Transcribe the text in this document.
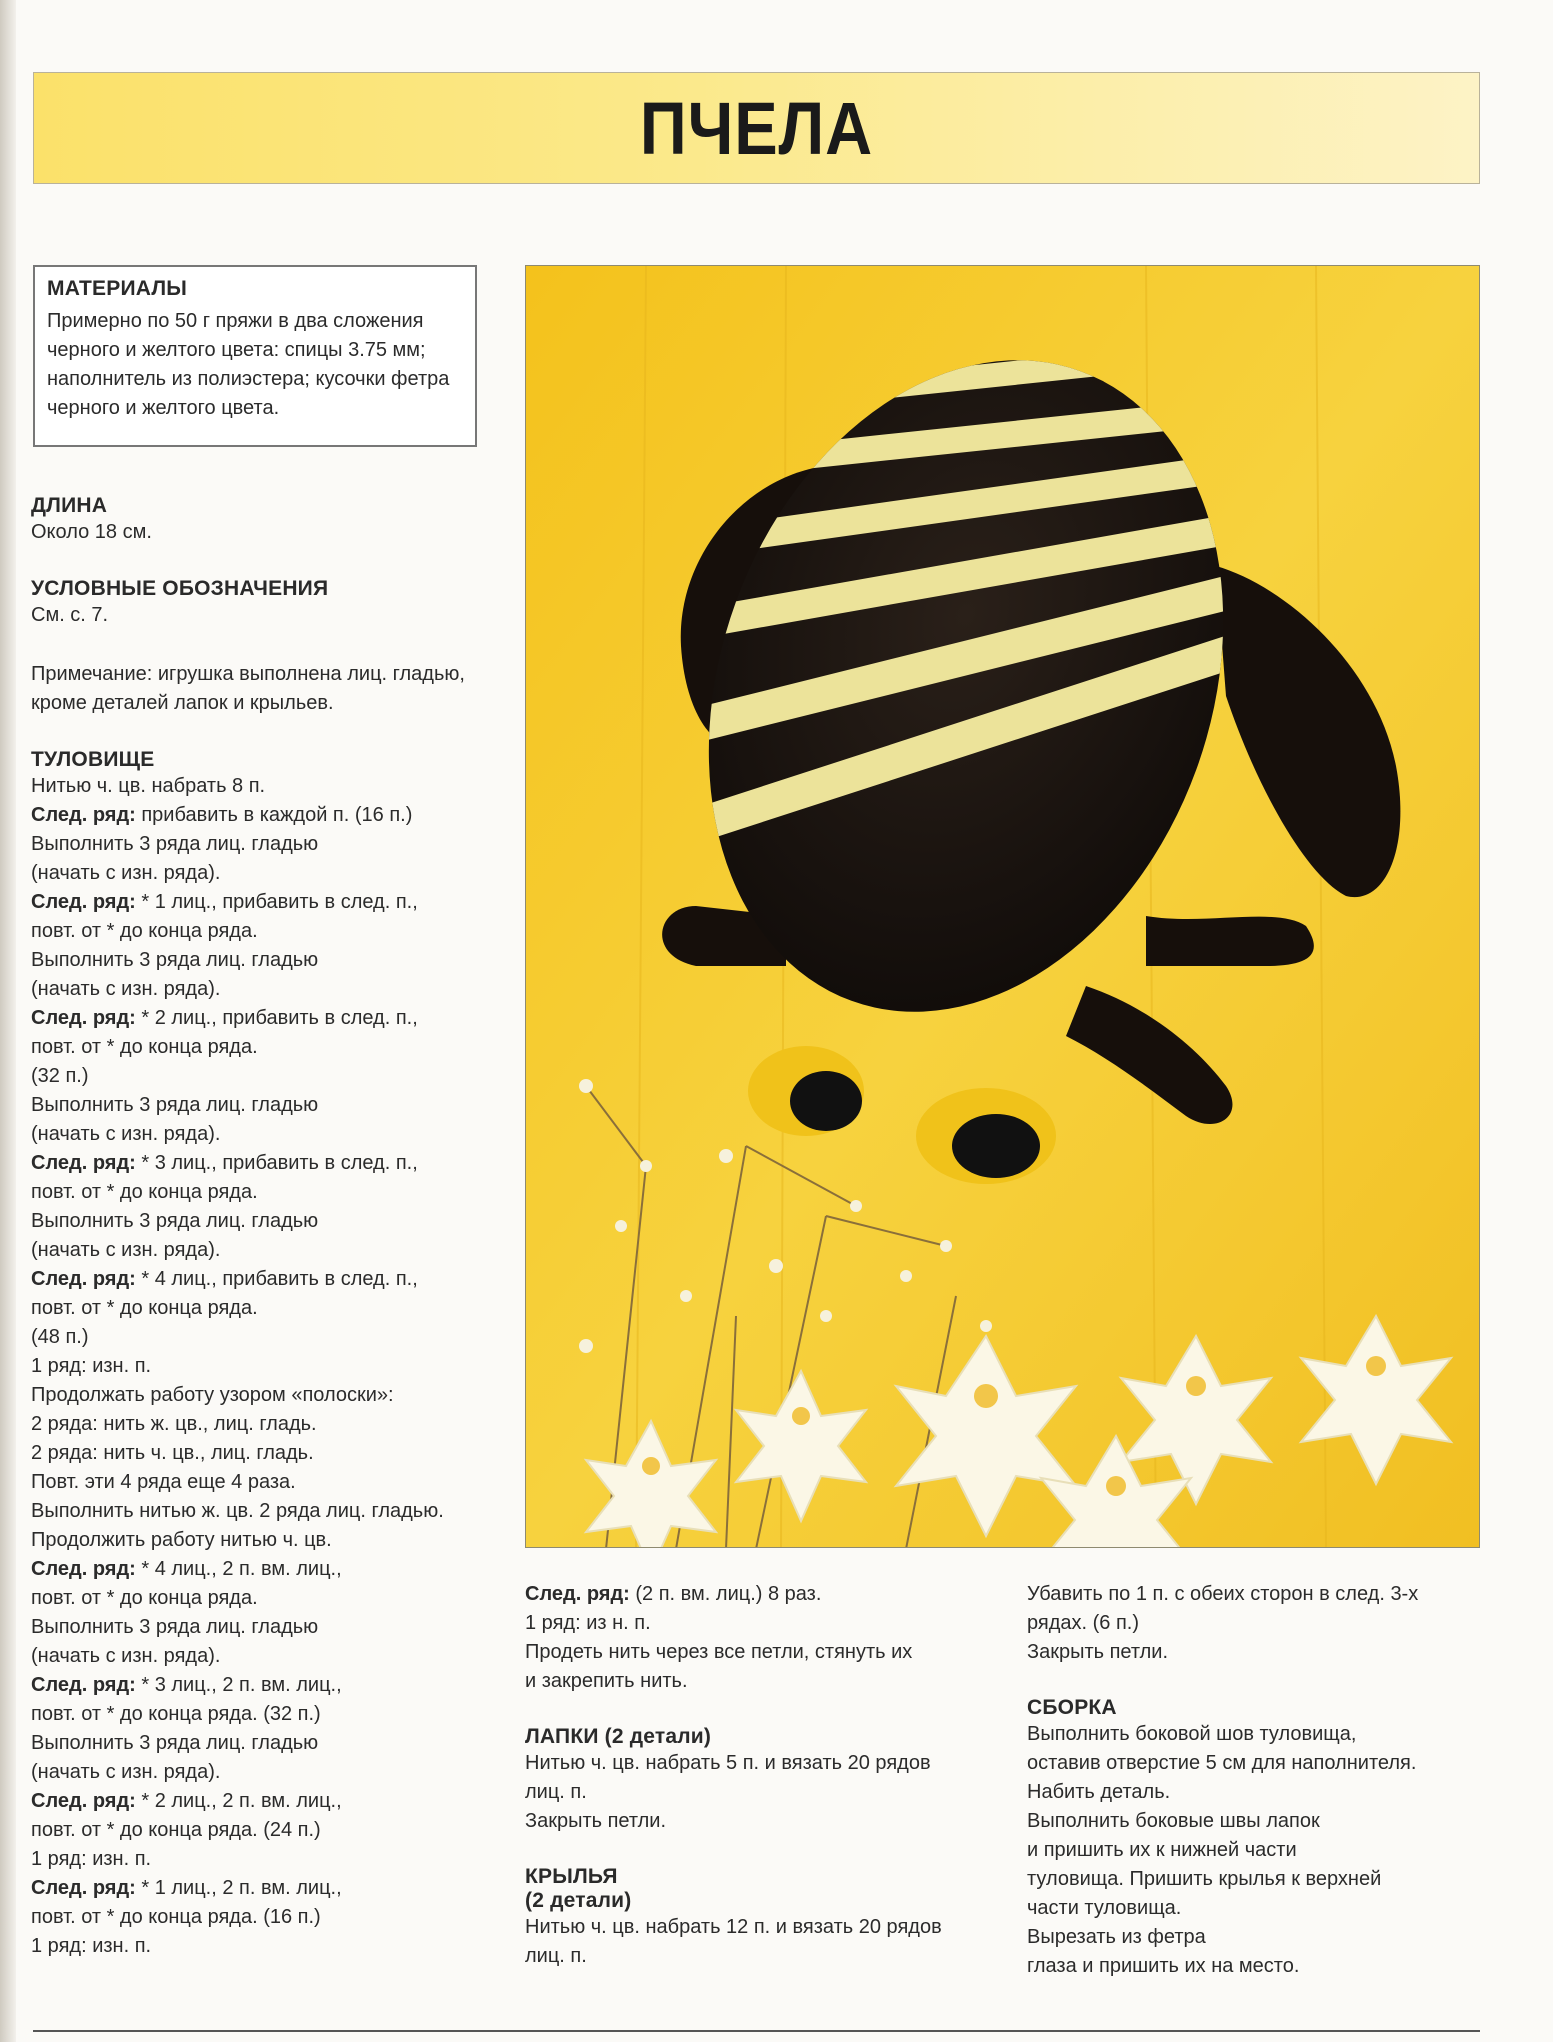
ПЧЕЛА

МАТЕРИАЛЫ

Примерно по 50 г пряжи в два сложения

черного и желтого цвета: спицы 3.75 мм;

наполнитель из полиэстера; кусочки фетра

черного и желтого цвета.

ДЛИНА

Около 18 см.

УСЛОВНЫЕ ОБОЗНАЧЕНИЯ

См. с. 7.

Примечание: игрушка выполнена лиц. гладью,

кроме деталей лапок и крыльев.

ТУЛОВИЩЕ

Нитью ч. цв. набрать 8 п.

След. ряд: прибавить в каждой п. (16 п.)

Выполнить 3 ряда лиц. гладью

(начать с изн. ряда).

След. ряд: * 1 лиц., прибавить в след. п.,

повт. от * до конца ряда.

Выполнить 3 ряда лиц. гладью

(начать с изн. ряда).

След. ряд: * 2 лиц., прибавить в след. п.,

повт. от * до конца ряда.

(32 п.)

Выполнить 3 ряда лиц. гладью

(начать с изн. ряда).

След. ряд: * 3 лиц., прибавить в след. п.,

повт. от * до конца ряда.

Выполнить 3 ряда лиц. гладью

(начать с изн. ряда).

След. ряд: * 4 лиц., прибавить в след. п.,

повт. от * до конца ряда.

(48 п.)

1 ряд: изн. п.

Продолжать работу узором «полоски»:

2 ряда: нить ж. цв., лиц. гладь.

2 ряда: нить ч. цв., лиц. гладь.

Повт. эти 4 ряда еще 4 раза.

Выполнить нитью ж. цв. 2 ряда лиц. гладью.

Продолжить работу нитью ч. цв.

След. ряд: * 4 лиц., 2 п. вм. лиц.,

повт. от * до конца ряда.

Выполнить 3 ряда лиц. гладью

(начать с изн. ряда).

След. ряд: * 3 лиц., 2 п. вм. лиц.,

повт. от * до конца ряда. (32 п.)

Выполнить 3 ряда лиц. гладью

(начать с изн. ряда).

След. ряд: * 2 лиц., 2 п. вм. лиц.,

повт. от * до конца ряда. (24 п.)

1 ряд: изн. п.

След. ряд: * 1 лиц., 2 п. вм. лиц.,

повт. от * до конца ряда. (16 п.)

1 ряд: изн. п.

След. ряд: (2 п. вм. лиц.) 8 раз.

1 ряд: из н. п.

Продеть нить через все петли, стянуть их

и закрепить нить.

ЛАПКИ (2 детали)

Нитью ч. цв. набрать 5 п. и вязать 20 рядов

лиц. п.

Закрыть петли.

КРЫЛЬЯ

(2 детали)

Нитью ч. цв. набрать 12 п. и вязать 20 рядов

лиц. п.

Убавить по 1 п. с обеих сторон в след. 3-х

рядах. (6 п.)

Закрыть петли.

СБОРКА

Выполнить боковой шов туловища,

оставив отверстие 5 см для наполнителя.

Набить деталь.

Выполнить боковые швы лапок

и пришить их к нижней части

туловища. Пришить крылья к верхней

части туловища.

Вырезать из фетра

глаза и пришить их на место.
